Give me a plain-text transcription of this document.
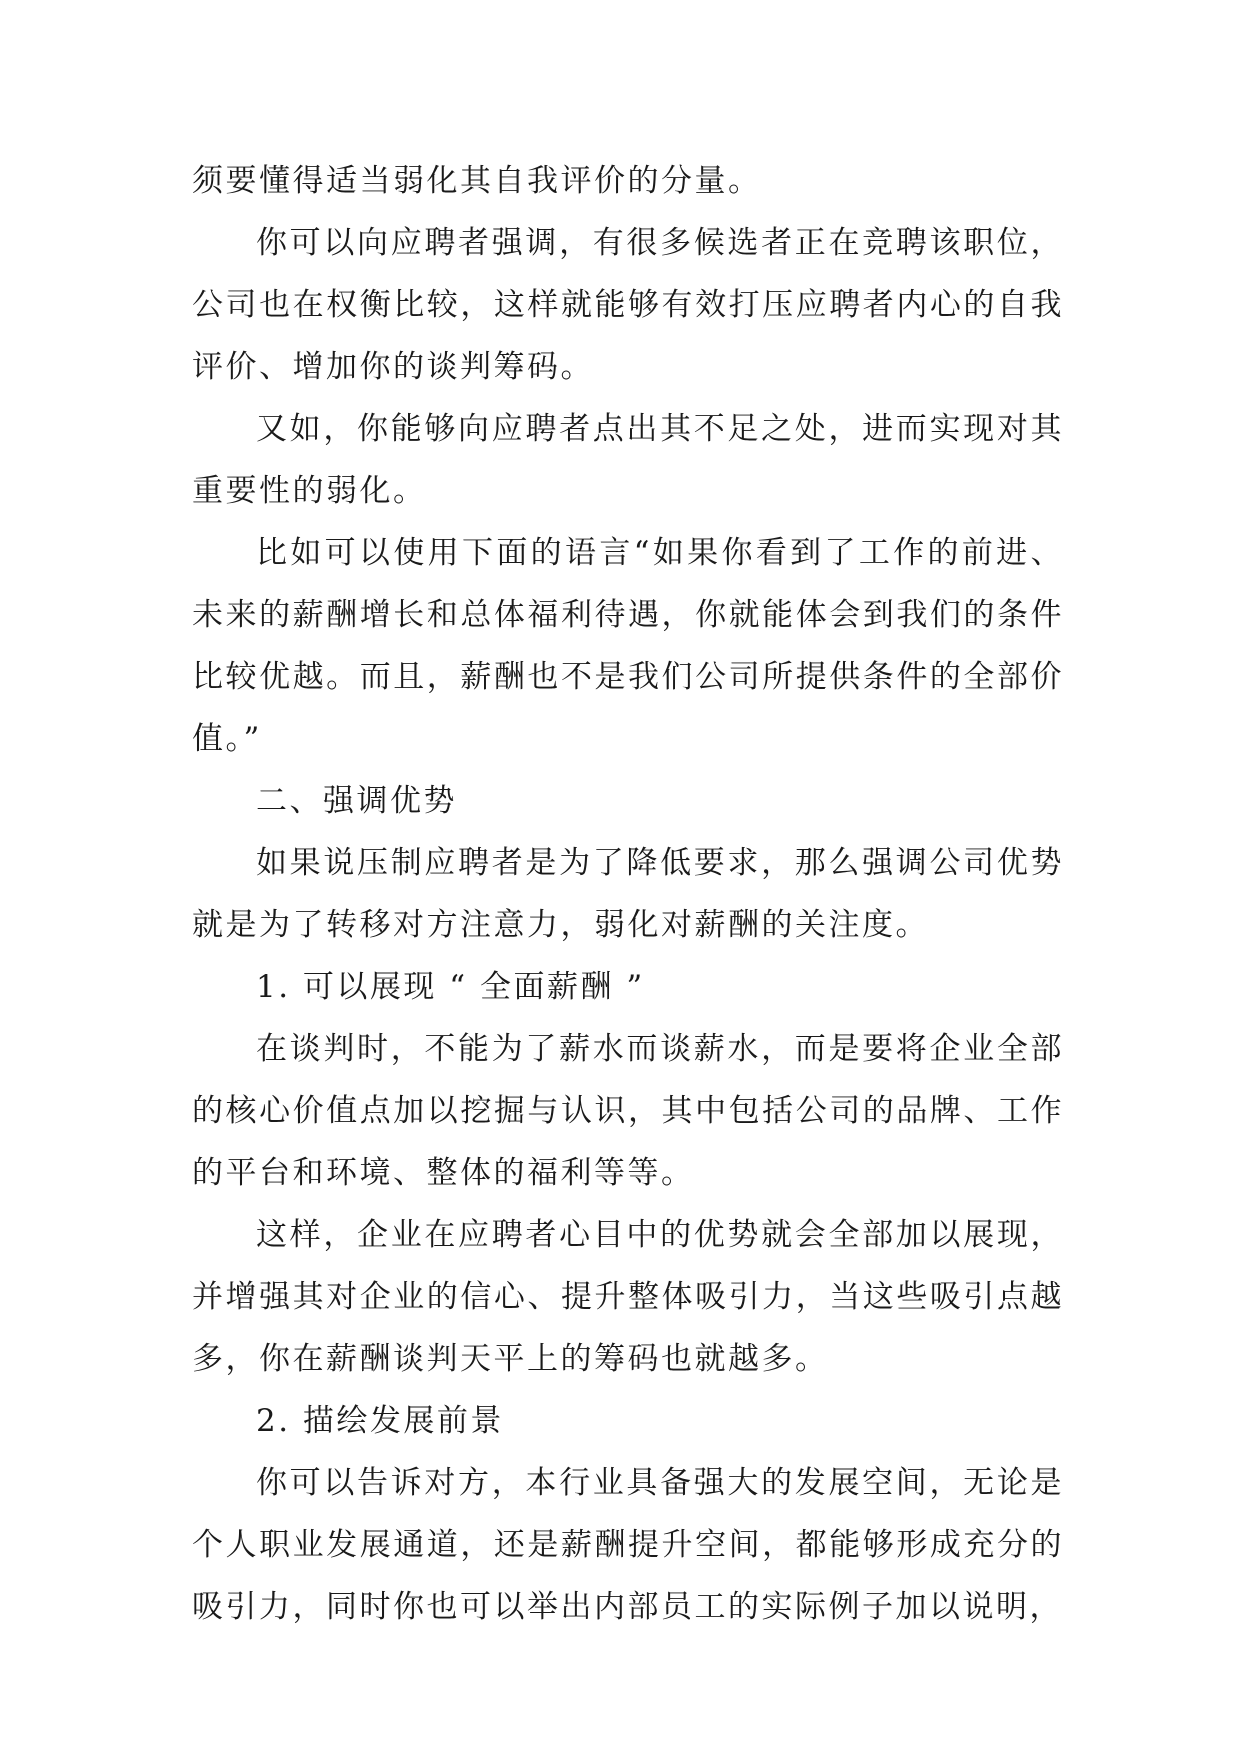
须要懂得适当弱化其自我评价的分量。

你可以向应聘者强调，有很多候选者正在竞聘该职位，公司也在权衡比较，这样就能够有效打压应聘者内心的自我评价、增加你的谈判筹码。

又如，你能够向应聘者点出其不足之处，进而实现对其重要性的弱化。

比如可以使用下面的语言“如果你看到了工作的前进、未来的薪酬增长和总体福利待遇，你就能体会到我们的条件比较优越。而且，薪酬也不是我们公司所提供条件的全部价值。”

二、强调优势

如果说压制应聘者是为了降低要求，那么强调公司优势就是为了转移对方注意力，弱化对薪酬的关注度。

1. 可以展现 “ 全面薪酬 ”

在谈判时，不能为了薪水而谈薪水，而是要将企业全部的核心价值点加以挖掘与认识，其中包括公司的品牌、工作的平台和环境、整体的福利等等。

这样，企业在应聘者心目中的优势就会全部加以展现，并增强其对企业的信心、提升整体吸引力，当这些吸引点越多，你在薪酬谈判天平上的筹码也就越多。

2. 描绘发展前景

你可以告诉对方，本行业具备强大的发展空间，无论是个人职业发展通道，还是薪酬提升空间，都能够形成充分的吸引力，同时你也可以举出内部员工的实际例子加以说明，
